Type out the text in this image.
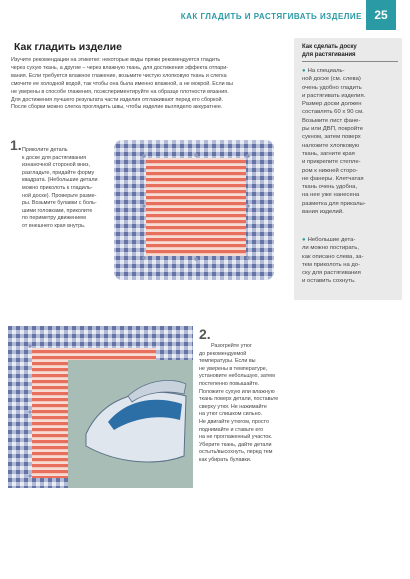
КАК ГЛАДИТЬ И РАСТЯГИВАТЬ ИЗДЕЛИЕ	25
Как гладить изделие

Изучите рекомендации на этикетке: некоторые виды пряжи рекомендуется гладить
через сухую ткань, а другие – через влажную ткань, для достижения эффекта отпари-
вания. Если требуется влажное глажение, возьмите чистую хлопковую ткань и слегка
смочите ее холодной водой, так чтобы она была именно влажной, а не мокрой. Если вы
не уверены в способе глажения, поэкспериментируйте на образце плотности вязания.
Для достижения лучшего результата части изделия отглаживают перед его сборкой.
После сборки можно слегка проглядить швы, чтобы изделие выглядело аккуратнее.

Как сделать доску
для растягивания
● На специаль-
ной доске (см. слева)
очень удобно гладить
и растягивать изделия.
Размер доски должен
составлять 60 х 90 см.
Возьмите лист фане-
ры или ДВП, покройте
сукном, затем поверх
наложите хлопковую
ткань, загните края
и прикрепите степле-
ром к нижней сторо-
не фанеры. Клетчатая
ткань очень удобна,
на нее уже нанесена
разметка для прикалы-
вания изделий.
● Небольшие дета-
ли можно постирать,
как описано слева, за-
тем приколоть на до-
ску для растягивания
и оставить сохнуть.
1. Приколите деталь
к доске для растягивания
изнаночной стороной вниз,
разгладьте, придайте форму
квадрата. (Небольшие детали
можно приколоть к гладиль-
ной доске). Проверьте разме-
ры. Возьмите булавки с боль-
шими головками, приколите
по периметру движением
от внешнего края внутрь.
2.
Разогрейте утюг
до рекомендуемой
температуры. Если вы
не уверены в температуре,
установите небольшую, затем
постепенно повышайте.
Положите сухую или влажную
ткань поверх детали, поставьте
сверху утюг. Не нажимайте
на утюг слишком сильно.
Не двигайте утюгом, просто
поднимайте и ставьте его
на не проглаженный участок.
Уберите ткань, дайте детали
остыть/высохнуть, перед тем
как убирать булавки.
